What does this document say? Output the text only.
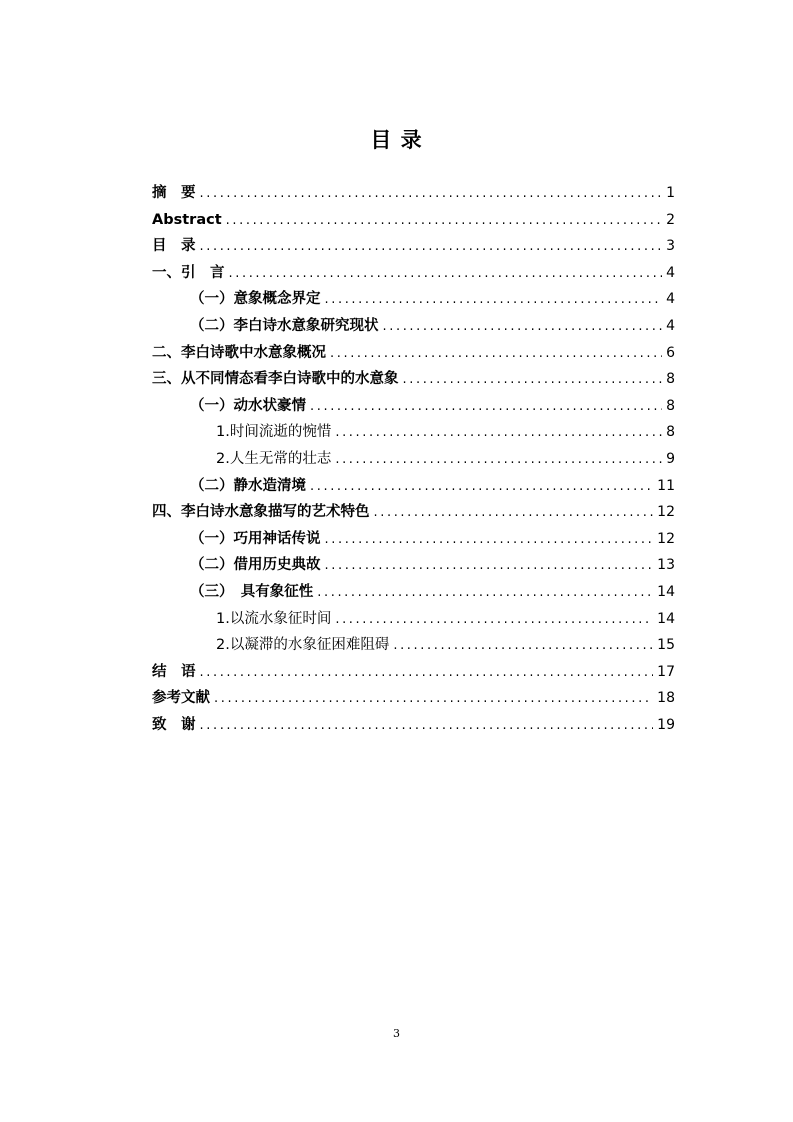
目 录
摘　要 .....	1
Abstract .....	2
目　录 .....	3
一、引　言 .....	4
（一）意象概念界定 .....	4
（二）李白诗水意象研究现状 .....	4
二、李白诗歌中水意象概况 .....	6
三、从不同情态看李白诗歌中的水意象 .....	8
（一）动水状豪情 .....	8
1.时间流逝的惋惜 .....	8
2.人生无常的壮志 .....	9
（二）静水造清境 .....	11
四、李白诗水意象描写的艺术特色 .....	12
（一）巧用神话传说 .....	12
（二）借用历史典故 .....	13
（三）　具有象征性 .....	14
1.以流水象征时间 .....	14
2.以凝滞的水象征困难阻碍 .....	15
结　语 .....	17
参考文献 .....	18
致　谢 .....	19
3
